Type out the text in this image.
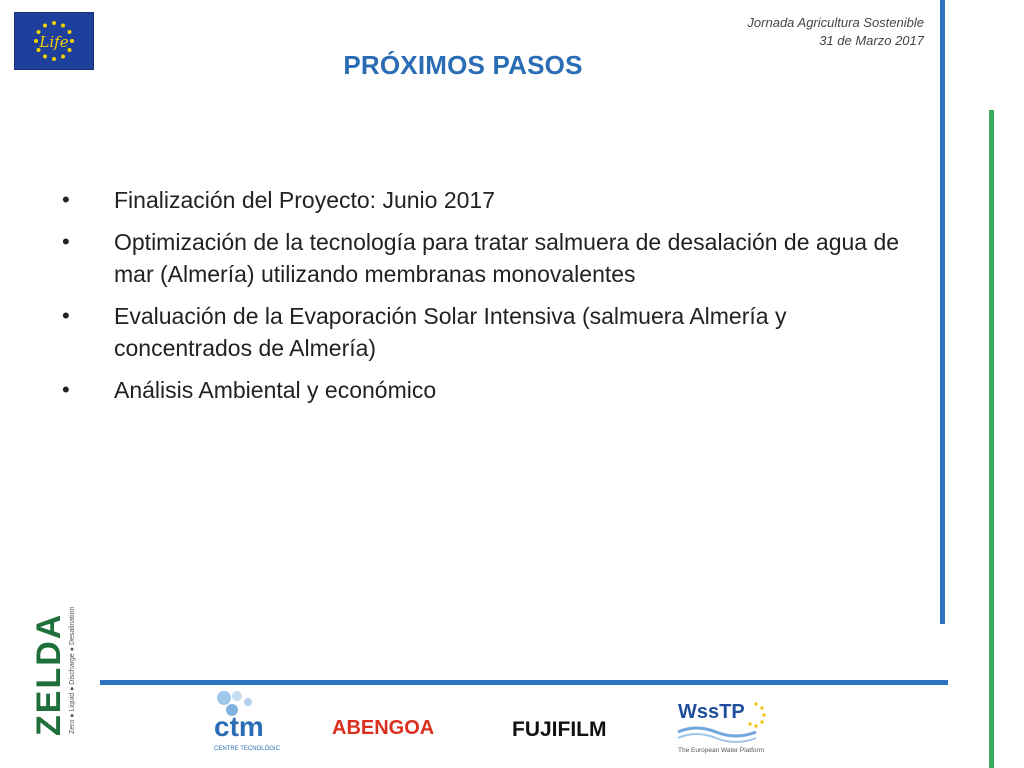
Life
Jornada Agricultura Sostenible
31 de Marzo 2017
PRÓXIMOS PASOS
•	Finalización del Proyecto: Junio 2017
•	Optimización de la tecnología para tratar salmuera de desalación de agua de mar (Almería) utilizando membranas monovalentes
•	Evaluación de la Evaporación Solar Intensiva (salmuera Almería y concentrados de Almería)
•	Análisis Ambiental y económico
ZELDA Zero ● Liquid ● Discharge ● Desalination	ctm
CENTRE TECNOLÒGIC
ABENGOA	FUJIFILM
WssTP
The European Water Platform
